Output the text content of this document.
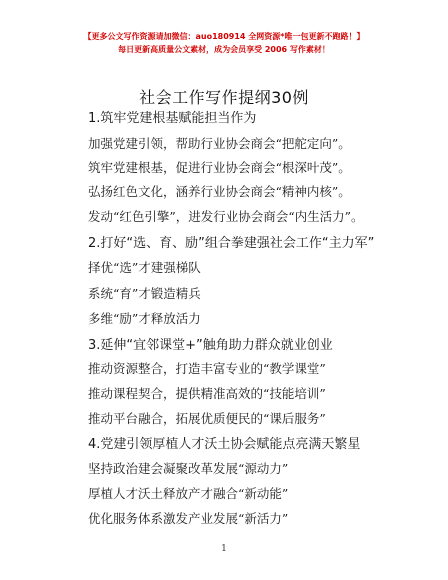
【更多公文写作资源请加微信：auo180914 全网资源*唯一包更新不跑路！】
每日更新高质量公文素材，成为会员享受 2006 写作素材！
社会工作写作提纲30例
1.筑牢党建根基赋能担当作为
加强党建引领，帮助行业协会商会“把舵定向”。
筑牢党建根基，促进行业协会商会“根深叶茂”。
弘扬红色文化，涵养行业协会商会“精神内核”。
发动“红色引擎”，进发行业协会商会“内生活力”。
2.打好“选、育、励”组合拳建强社会工作“主力军”
择优“选”才建强梯队
系统“育”才锻造精兵
多维“励”才释放活力
3.延伸“宜邻课堂+”触角助力群众就业创业
推动资源整合，打造丰富专业的“教学课堂”
推动课程契合，提供精准高效的“技能培训”
推动平台融合，拓展优质便民的“课后服务”
4.党建引领厚植人才沃土协会赋能点亮满天繁星
坚持政治建会凝聚改革发展“源动力”
厚植人才沃土释放产才融合“新动能”
优化服务体系激发产业发展“新活力”
1
